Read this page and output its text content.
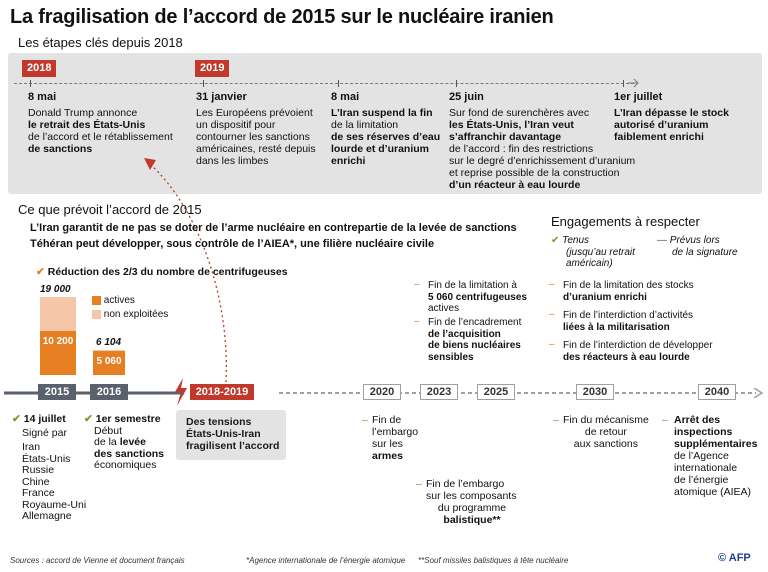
La fragilisation de l’accord de 2015 sur le nucléaire iranien
Les étapes clés depuis 2018
2018	2019
8 mai
Donald Trump annonce
le retrait des États-Unis
de l’accord et le rétablissement
de sanctions
31 janvier
Les Européens prévoient
un dispositif pour
contourner les sanctions
américaines, resté depuis
dans les limbes
8 mai
L’Iran suspend la fin
de la limitation
de ses réserves d’eau
lourde et d’uranium
enrichi
25 juin
Sur fond de surenchères avec
les États-Unis, l’Iran veut
s’affranchir davantage
de l’accord : fin des restrictions
sur le degré d’enrichissement d’uranium
et reprise possible de la construction
d’un réacteur à eau lourde
1er juillet
L’Iran dépasse le stock
autorisé d’uranium
faiblement enrichi
Ce que prévoit l’accord de 2015
L’Iran garantit de ne pas se doter de l’arme nucléaire en contrepartie de la levée de sanctions
Téhéran peut développer, sous contrôle de l’AIEA*, une filière nucléaire civile
Engagements à respecter
✔ Tenus
(jusqu’au retrait
américain)
— Prévus lors
de la signature
✔ Réduction des 2/3 du nombre de centrifugeuses
19 000
6 104
10 200
5 060
actives
non exploitées
– Fin de la limitation à
5 060 centrifugeuses
actives
– Fin de l’encadrement
de l’acquisition
de biens nucléaires
sensibles
– Fin de la limitation des stocks
d’uranium enrichi
– Fin de l’interdiction d’activités
liées à la militarisation
– Fin de l’interdiction de développer
des réacteurs à eau lourde
2015	2016	2018-2019	2020	2023	2025	2030	2040
✔ 14 juillet
Signé par
Iran
États-Unis
Russie
Chine
France
Royaume-Uni
Allemagne
✔ 1er semestre
Début
de la levée
des sanctions
économiques
Des tensions
États-Unis-Iran
fragilisent l’accord
– Fin de
l’embargo
sur les
armes
– Fin de l’embargo
sur les composants
du programme
balistique**
– Fin du mécanisme
de retour
aux sanctions
– Arrêt des
inspections
supplémentaires
de l’Agence
internationale
de l’énergie
atomique (AIEA)
Sources : accord de Vienne et document français	*Agence internationale de l’énergie atomique **Souf missiles balistiques à tête nucléaire	© AFP
